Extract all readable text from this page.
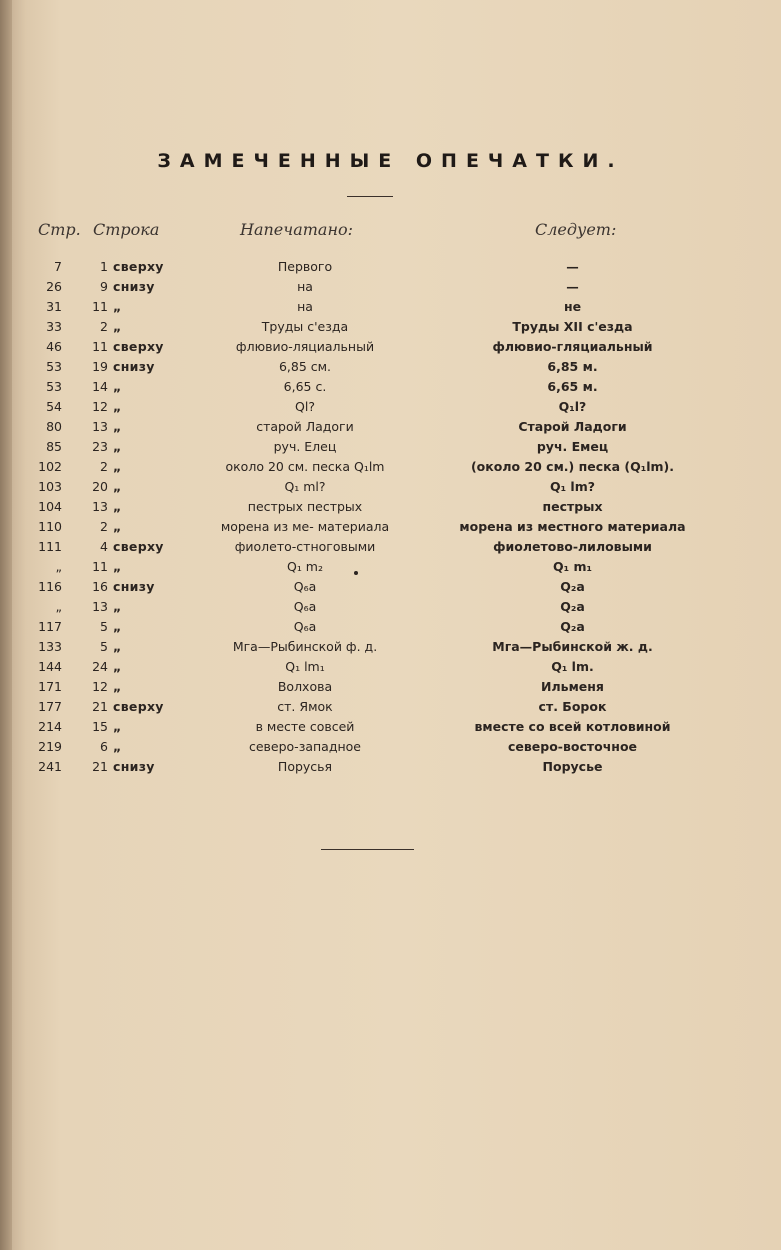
ЗАМЕЧЕННЫЕ ОПЕЧАТКИ.
Стр. Строка	Напечатано:	Следует:
7	1 сверху	Первого	—
26	9 снизу	на	—
31	11 „	на	не
33	2 „	Труды с'езда	Труды XII с'езда
46	11 сверху	флювио-ляциальный	флювио-гляциальный
53	19 снизу	6,85 см.	6,85 м.
53	14 „	6,65 с.	6,65 м.
54	12 „	Ql?	Q₁l?
80	13 „	старой Ладоги	Старой Ладоги
85	23 „	руч. Елец	руч. Емец
102	2 „	около 20 см. песка Q₁lm	(около 20 см.) песка (Q₁lm).
103	20 „	Q₁ ml?	Q₁ lm?
104	13 „	пестрых пестрых	пестрых
110	2 „	морена из ме- материала	морена из местного материала
111	4 сверху	фиолето-стноговыми	фиолетово-лиловыми
„	11 „	Q₁ m₂	Q₁ m₁
116	16 снизу	Q₆a	Q₂a
„	13 „	Q₆a	Q₂a
117	5 „	Q₆a	Q₂a
133	5 „	Мга—Рыбинской ф. д.	Мга—Рыбинской ж. д.
144	24 „	Q₁ lm₁	Q₁ lm.
171	12 „	Волхова	Ильменя
177	21 сверху	ст. Ямок	ст. Борок
214	15 „	в месте совсей	вместе со всей котловиной
219	6 „	северо-западное	северо-восточное
241	21 снизу	Порусья	Порусье
